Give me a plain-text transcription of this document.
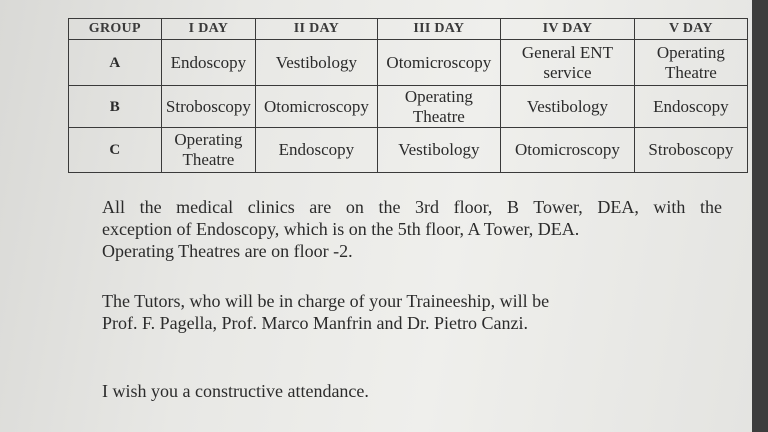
GROUP	I DAY	II DAY	III DAY	IV DAY	V DAY
A	Endoscopy	Vestibology	Otomicroscopy	General ENT service	Operating Theatre
B	Stroboscopy	Otomicroscopy	Operating Theatre	Vestibology	Endoscopy
C	Operating Theatre	Endoscopy	Vestibology	Otomicroscopy	Stroboscopy

All the medical clinics are on the 3rd floor, B Tower, DEA, with the
exception of Endoscopy, which is on the 5th floor, A Tower, DEA.
Operating Theatres are on floor -2.

The Tutors, who will be in charge of your Traineeship, will be
Prof. F. Pagella, Prof. Marco Manfrin and Dr. Pietro Canzi.

I wish you a constructive attendance.
